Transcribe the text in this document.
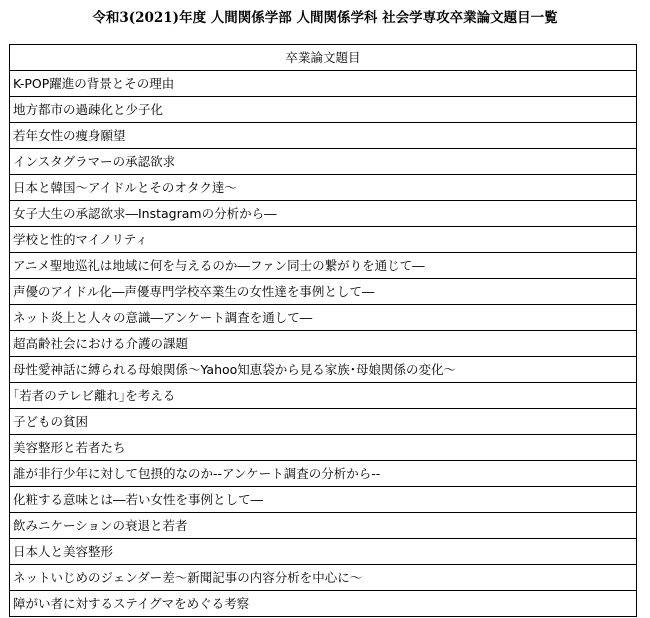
令和3(2021)年度 人間関係学部 人間関係学科 社会学専攻卒業論文題目一覧
卒業論文題目
K-POP躍進の背景とその理由
地方都市の過疎化と少子化
若年女性の痩身願望
インスタグラマーの承認欲求
日本と韓国～アイドルとそのオタク達～
女子大生の承認欲求―Instagramの分析から―
学校と性的マイノリティ
アニメ聖地巡礼は地域に何を与えるのか―ファン同士の繋がりを通じて―
声優のアイドル化―声優専門学校卒業生の女性達を事例として―
ネット炎上と人々の意識―アンケート調査を通して―
超高齢社会における介護の課題
母性愛神話に縛られる母娘関係～Yahoo知恵袋から見る家族･母娘関係の変化～
｢若者のテレビ離れ｣を考える
子どもの貧困
美容整形と若者たち
誰が非行少年に対して包摂的なのか--アンケート調査の分析から--
化粧する意味とは―若い女性を事例として―
飲みニケーションの衰退と若者
日本人と美容整形
ネットいじめのジェンダー差～新聞記事の内容分析を中心に～
障がい者に対するステイグマをめぐる考察
